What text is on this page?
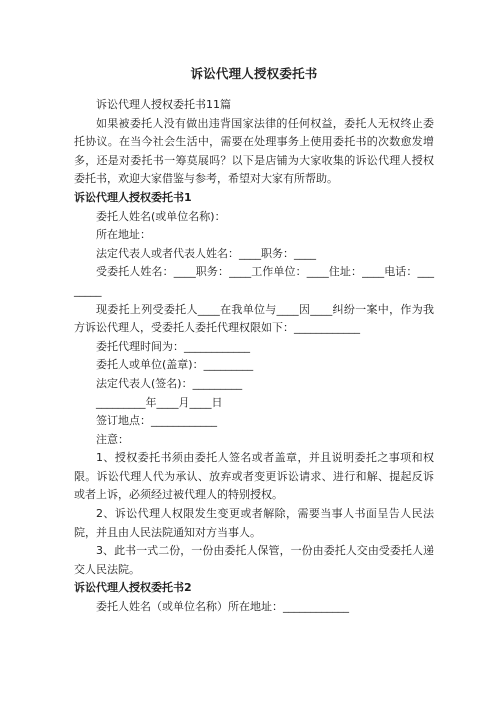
诉讼代理人授权委托书

诉讼代理人授权委托书11篇

如果被委托人没有做出违背国家法律的任何权益，委托人无权终止委托协议。在当今社会生活中，需要在处理事务上使用委托书的次数愈发增多，还是对委托书一筹莫展吗？以下是店铺为大家收集的诉讼代理人授权委托书，欢迎大家借鉴与参考，希望对大家有所帮助。

诉讼代理人授权委托书1

委托人姓名(或单位名称)：

所在地址：

法定代表人或者代表人姓名：____职务：____

受委托人姓名：____职务：____工作单位：____住址：____电话：________

现委托上列受委托人____在我单位与____因____纠纷一案中，作为我方诉讼代理人，受委托人委托代理权限如下：____________

委托代理时间为：____________

委托人或单位(盖章)：_________

法定代表人(签名)：_________

_________年____月____日

签订地点：____________

注意：

1、授权委托书须由委托人签名或者盖章，并且说明委托之事项和权限。诉讼代理人代为承认、放弃或者变更诉讼请求、进行和解、提起反诉或者上诉，必须经过被代理人的特别授权。

2、诉讼代理人权限发生变更或者解除，需要当事人书面呈告人民法院，并且由人民法院通知对方当事人。

3、此书一式二份，一份由委托人保管，一份由委托人交由受委托人递交人民法院。

诉讼代理人授权委托书2

委托人姓名（或单位名称）所在地址：____________
